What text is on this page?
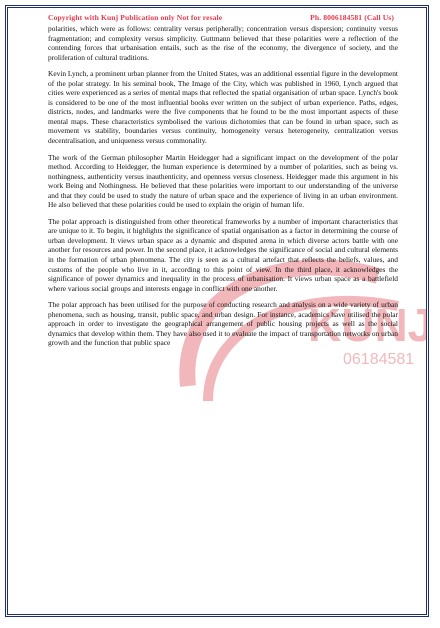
KUNJ
06184581
Copyright with Kunj Publication only Not for resale	Ph. 8006184581 (Call Us)

polarities, which were as follows: centrality versus peripherally; concentration versus dispersion; continuity versus fragmentation; and complexity versus simplicity. Guttmann believed that these polarities were a reflection of the contending forces that urbanisation entails, such as the rise of the economy, the divergence of society, and the proliferation of cultural traditions.

Kevin Lynch, a prominent urban planner from the United States, was an additional essential figure in the development of the polar strategy. In his seminal book, The Image of the City, which was published in 1960, Lynch argued that cities were experienced as a series of mental maps that reflected the spatial organisation of urban space. Lynch's book is considered to be one of the most influential books ever written on the subject of urban experience. Paths, edges, districts, nodes, and landmarks were the five components that he found to be the most important aspects of these mental maps. These characteristics symbolised the various dichotomies that can be found in urban space, such as movement vs stability, boundaries versus continuity, homogeneity versus heterogeneity, centralization versus decentralisation, and uniqueness versus commonality.

The work of the German philosopher Martin Heidegger had a significant impact on the development of the polar method. According to Heidegger, the human experience is determined by a number of polarities, such as being vs. nothingness, authenticity versus inauthenticity, and openness versus closeness. Heidegger made this argument in his work Being and Nothingness. He believed that these polarities were important to our understanding of the universe and that they could be used to study the nature of urban space and the experience of living in an urban environment. He also believed that these polarities could be used to explain the origin of human life.

The polar approach is distinguished from other theoretical frameworks by a number of important characteristics that are unique to it. To begin, it highlights the significance of spatial organisation as a factor in determining the course of urban development. It views urban space as a dynamic and disputed arena in which diverse actors battle with one another for resources and power. In the second place, it acknowledges the significance of social and cultural elements in the formation of urban phenomena. The city is seen as a cultural artefact that reflects the beliefs, values, and customs of the people who live in it, according to this point of view. In the third place, it acknowledges the significance of power dynamics and inequality in the process of urbanisation. It views urban space as a battlefield where various social groups and interests engage in conflict with one another.

The polar approach has been utilised for the purpose of conducting research and analysis on a wide variety of urban phenomena, such as housing, transit, public space, and urban design. For instance, academics have utilised the polar approach in order to investigate the geographical arrangement of public housing projects as well as the social dynamics that develop within them. They have also used it to evaluate the impact of transportation networks on urban growth and the function that public space
